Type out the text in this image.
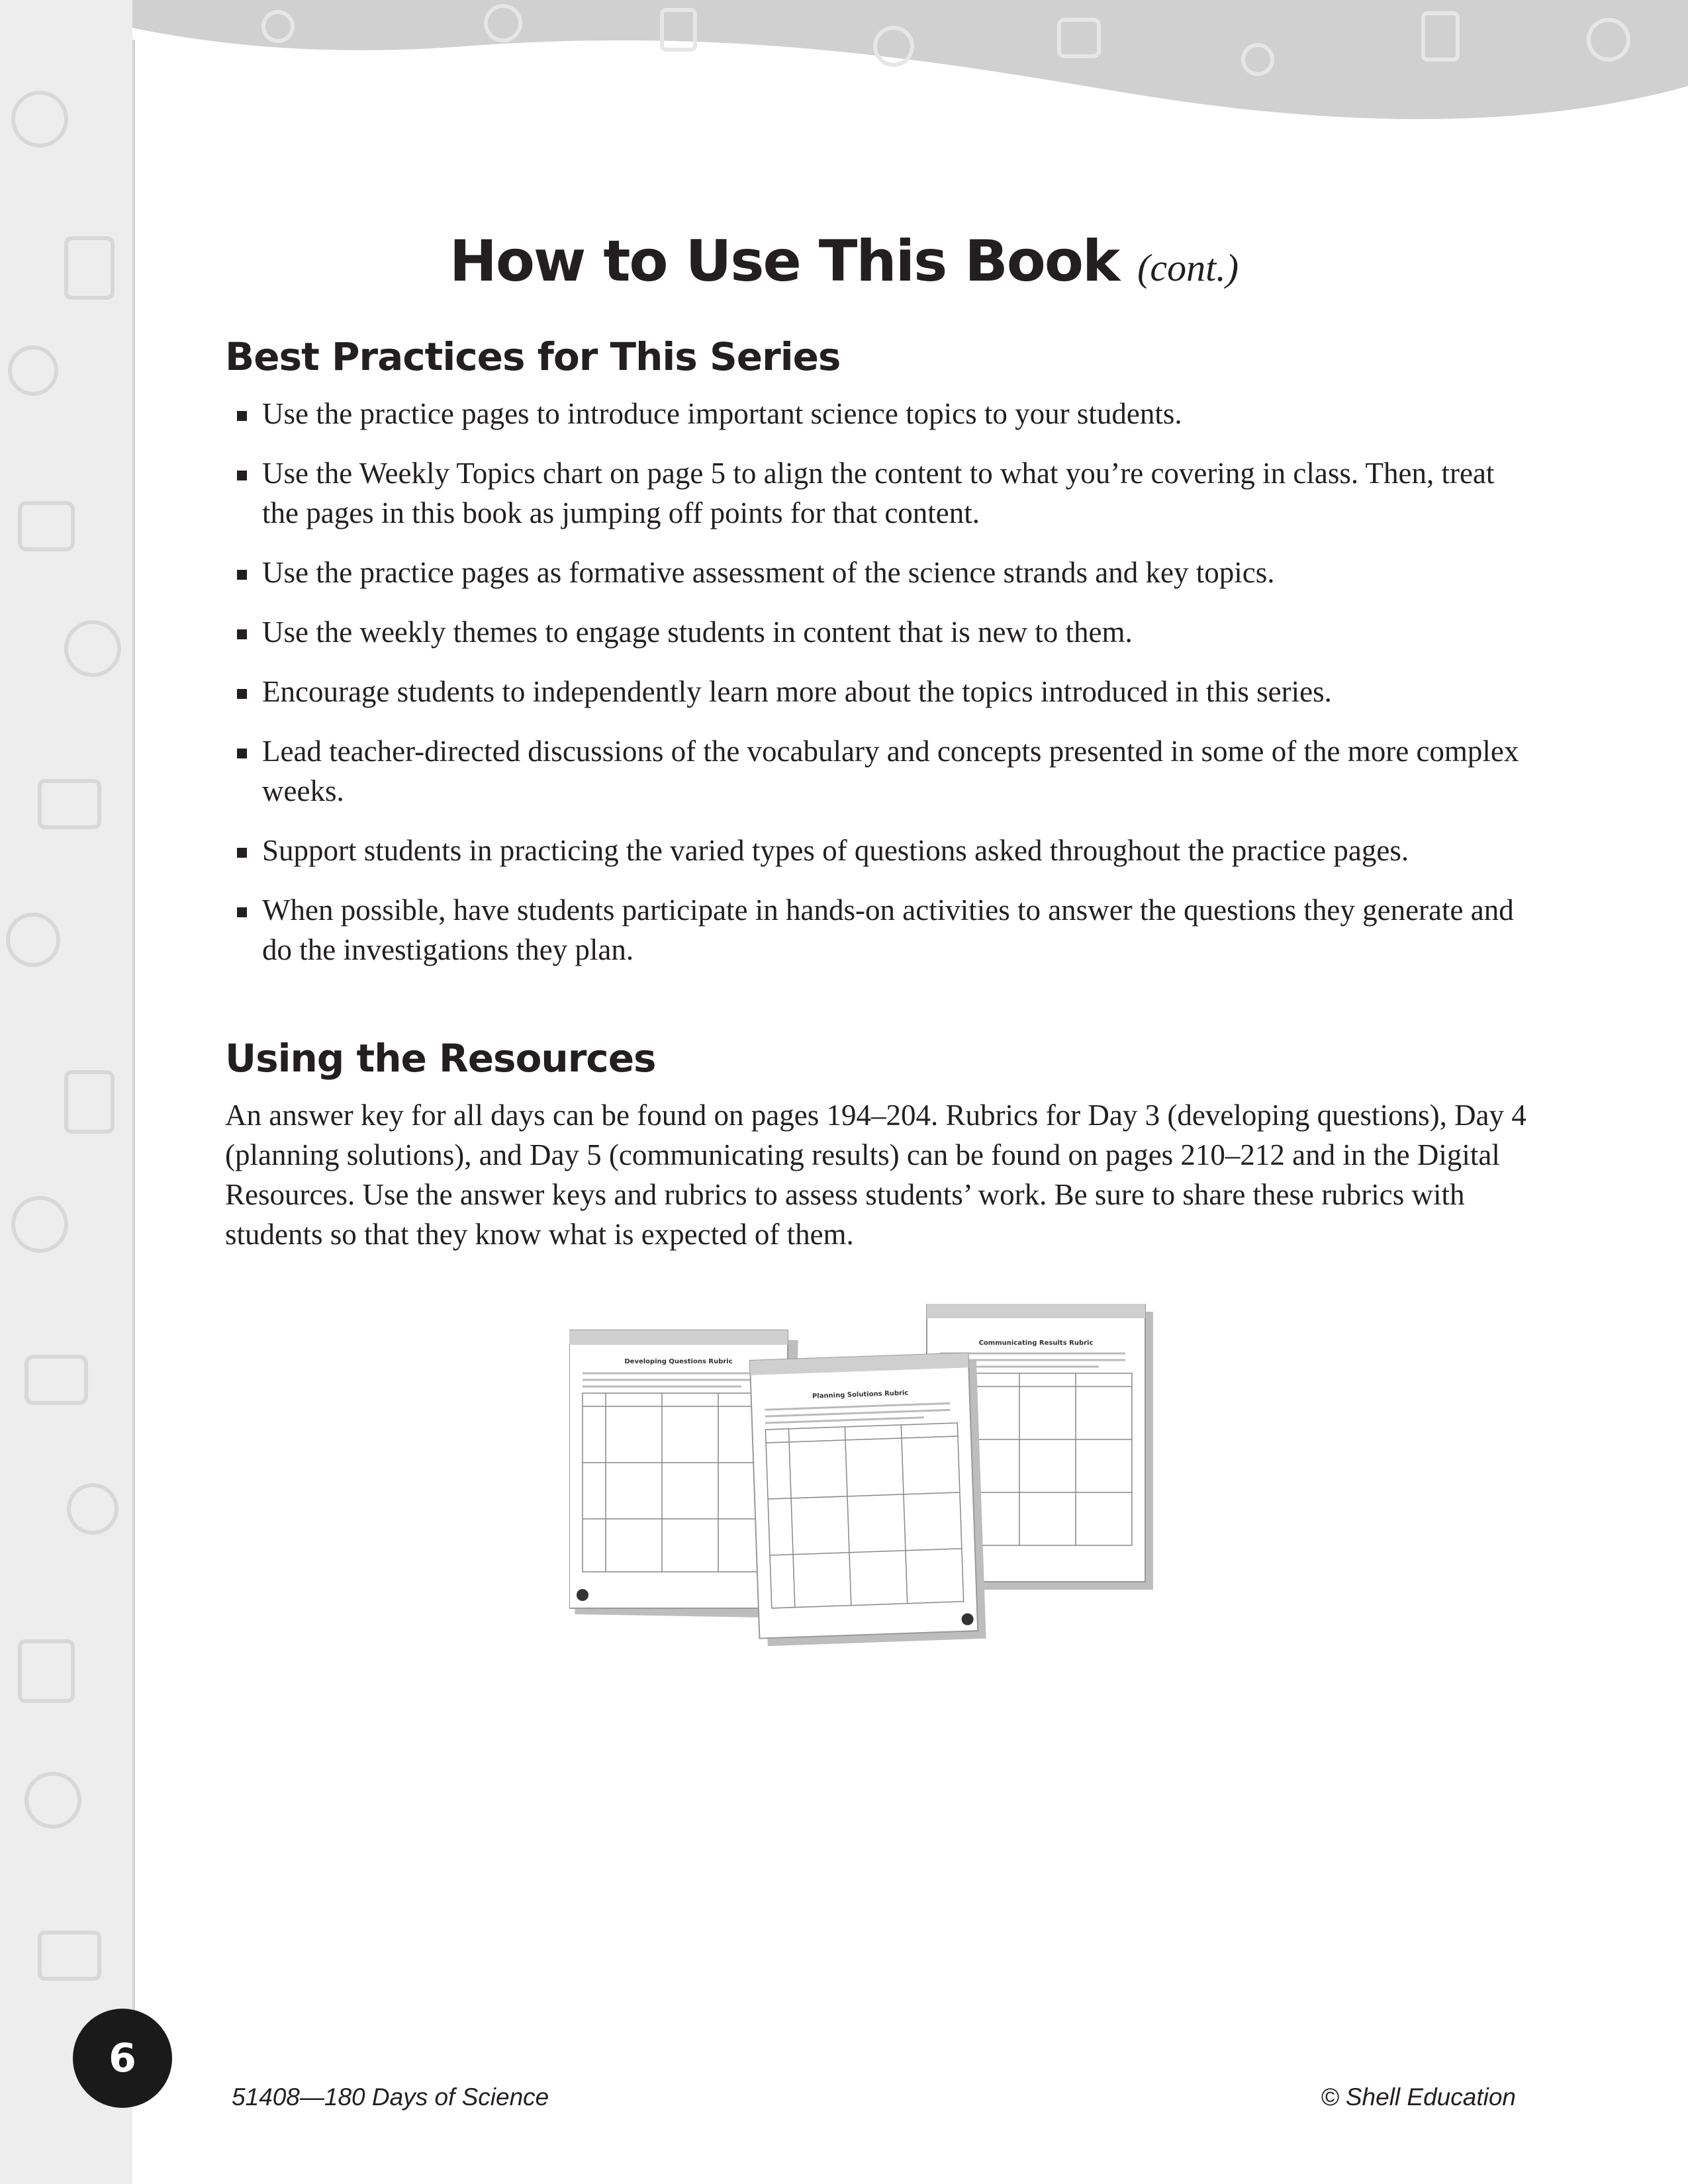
How to Use This Book (cont.)
Best Practices for This Series
Use the practice pages to introduce important science topics to your students.
Use the Weekly Topics chart on page 5 to align the content to what you’re covering in class. Then, treat the pages in this book as jumping off points for that content.
Use the practice pages as formative assessment of the science strands and key topics.
Use the weekly themes to engage students in content that is new to them.
Encourage students to independently learn more about the topics introduced in this series.
Lead teacher-directed discussions of the vocabulary and concepts presented in some of the more complex weeks.
Support students in practicing the varied types of questions asked throughout the practice pages.
When possible, have students participate in hands-on activities to answer the questions they generate and do the investigations they plan.
Using the Resources

An answer key for all days can be found on pages 194–204. Rubrics for Day 3 (developing questions), Day 4 (planning solutions), and Day 5 (communicating results) can be found on pages 210–212 and in the Digital Resources. Use the answer keys and rubrics to assess students’ work. Be sure to share these rubrics with students so that they know what is expected of them.

Developing Questions Rubric
Communicating Results Rubric
Planning Solutions Rubric
6
51408—180 Days of Science	© Shell Education
